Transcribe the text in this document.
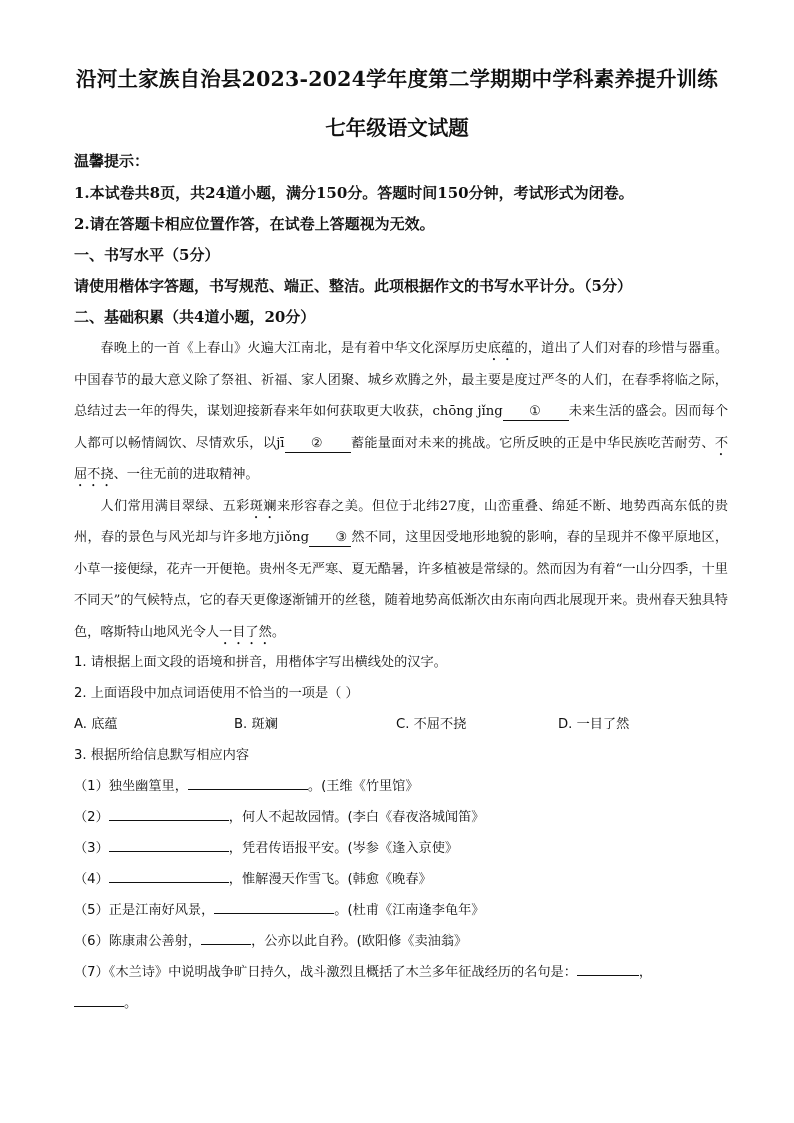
沿河土家族自治县2023-2024学年度第二学期期中学科素养提升训练
七年级语文试题
温馨提示：
1.本试卷共8页，共24道小题，满分150分。答题时间150分钟，考试形式为闭卷。
2.请在答题卡相应位置作答，在试卷上答题视为无效。
一、书写水平（5分）
请使用楷体字答题，书写规范、端正、整洁。此项根据作文的书写水平计分。（5分）
二、基础积累（共4道小题，20分）

春晚上的一首《上春山》火遍大江南北，是有着中华文化深厚历史底蕴的，道出了人们对春的珍惜与器重。中国春节的最大意义除了祭祖、祈福、家人团聚、城乡欢腾之外，最主要是度过严冬的人们，在春季将临之际，总结过去一年的得失，谋划迎接新春来年如何获取更大收获，chōng jǐng ① 未来生活的盛会。因而每个人都可以畅情阔饮、尽情欢乐，以jī ② 蓄能量面对未来的挑战。它所反映的正是中华民族吃苦耐劳、不屈不挠、一往无前的进取精神。

人们常用满目翠绿、五彩斑斓来形容春之美。但位于北纬27度，山峦重叠、绵延不断、地势西高东低的贵州，春的景色与风光却与许多地方jiǒng ③ 然不同，这里因受地形地貌的影响，春的呈现并不像平原地区，小草一接便绿，花卉一开便艳。贵州冬无严寒、夏无酷暑，许多植被是常绿的。然而因为有着“一山分四季，十里不同天”的气候特点，它的春天更像逐渐铺开的丝毯，随着地势高低渐次由东南向西北展现开来。贵州春天独具特色，喀斯特山地风光令人一目了然。

1. 请根据上面文段的语境和拼音，用楷体字写出横线处的汉字。
2. 上面语段中加点词语使用不恰当的一项是（ ）
A. 底蕴	B. 斑斓	C. 不屈不挠	D. 一目了然
3. 根据所给信息默写相应内容
（1）独坐幽篁里，	。(王维《竹里馆》
（2）	，何人不起故园情。(李白《春夜洛城闻笛》
（3）	，凭君传语报平安。(岑参《逢入京使》
（4）	，惟解漫天作雪飞。(韩愈《晚春》
（5）正是江南好风景，	。(杜甫《江南逢李龟年》
（6）陈康肃公善射，	，公亦以此自矜。(欧阳修《卖油翁》
（7）《木兰诗》中说明战争旷日持久，战斗激烈且概括了木兰多年征战经历的名句是：	，
。
